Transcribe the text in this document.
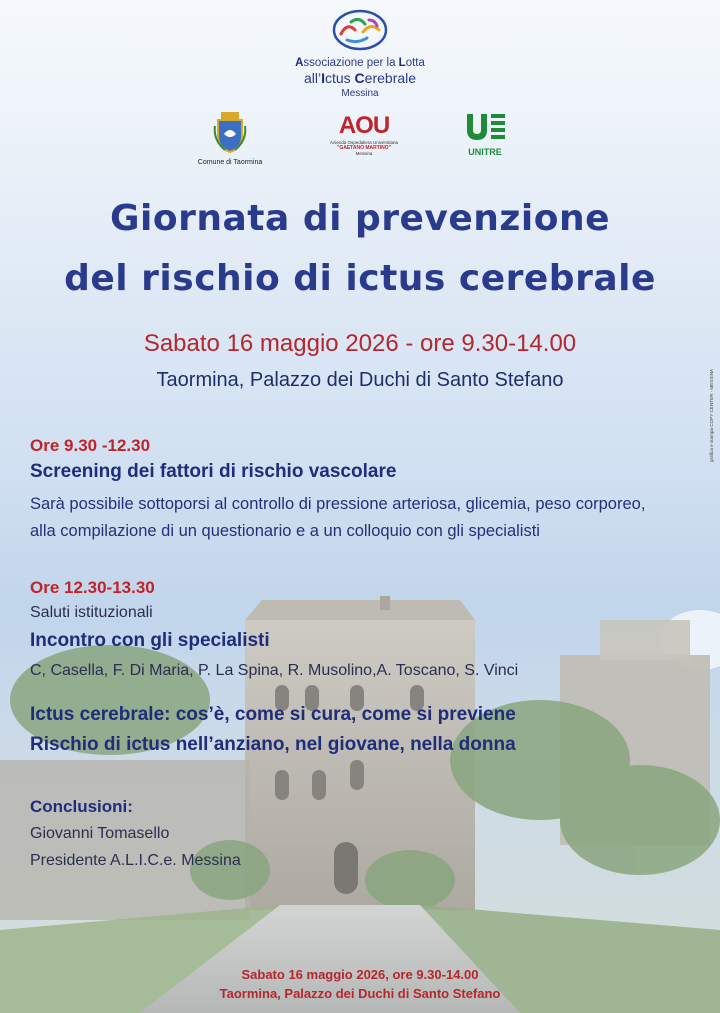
Associazione per la Lotta
all’Ictus Cerebrale
Messina
Comune di Taormina
AOU
Azienda Ospedaliera Universitaria
"GAETANO MARTINO"
Messina	UNITRE
Giornata di prevenzione
del rischio di ictus cerebrale
Sabato 16 maggio 2026 - ore 9.30-14.00
Taormina, Palazzo dei Duchi di Santo Stefano	grafica e stampa COPY CENTER - MESSINA
Ore 9.30 -12.30
Screening dei fattori di rischio vascolare
Sarà possibile sottoporsi al controllo di pressione arteriosa, glicemia, peso corporeo,
alla compilazione di un questionario e a un colloquio con gli specialisti
Ore 12.30-13.30
Saluti istituzionali
Incontro con gli specialisti
C, Casella, F. Di Maria, P. La Spina, R. Musolino,A. Toscano, S. Vinci
Ictus cerebrale: cos’è, come si cura, come si previene
Rischio di ictus nell’anziano, nel giovane, nella donna
Conclusioni:
Giovanni Tomasello
Presidente A.L.I.C.e. Messina
Sabato 16 maggio 2026, ore 9.30-14.00
Taormina, Palazzo dei Duchi di Santo Stefano
